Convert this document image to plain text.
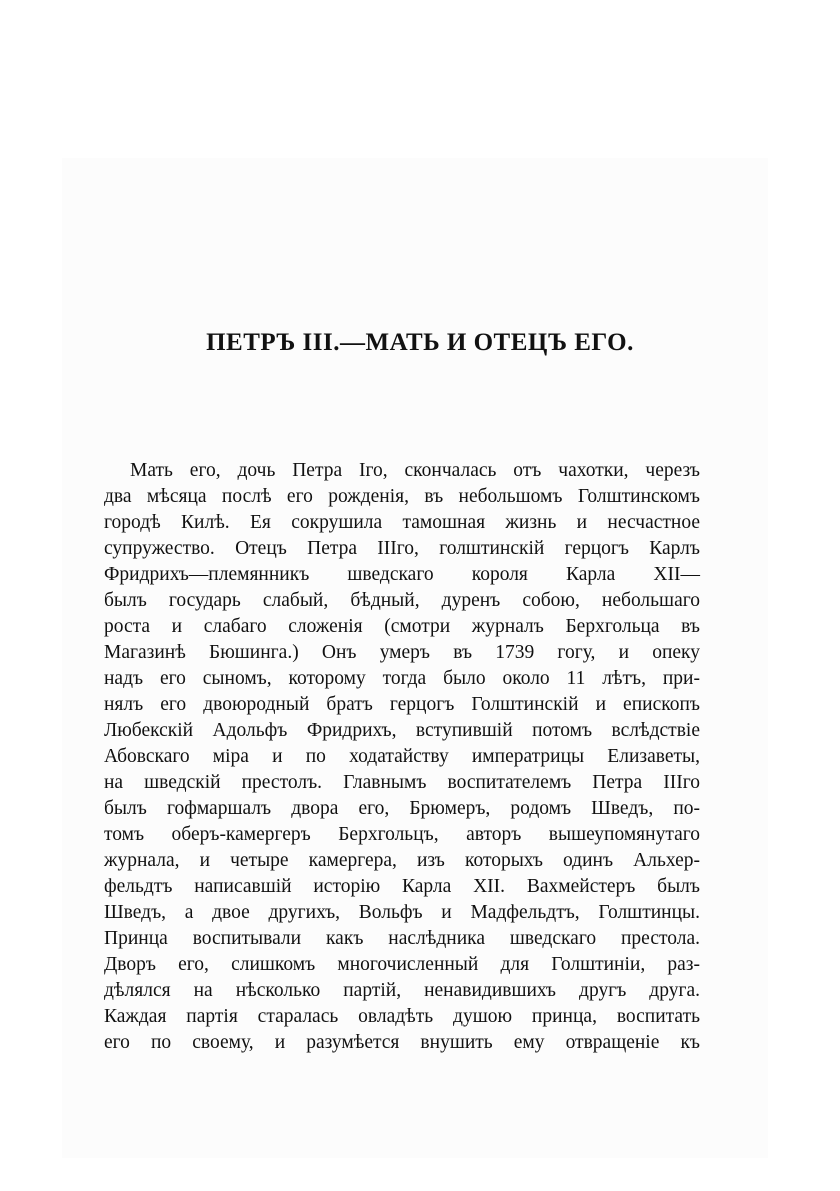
ПЕТРЪ III.—МАТЬ И ОТЕЦЪ ЕГО.
Мать его, дочь Петра Iго, скончалась отъ чахотки, черезъ
два мѣсяца послѣ его рожденія, въ небольшомъ Голштинскомъ
городѣ Килѣ. Ея сокрушила тамошная жизнь и несчастное
супружество. Отецъ Петра IIIго, голштинскій герцогъ Карлъ
Фридрихъ—племянникъ шведскаго короля Карла XII—
былъ государь слабый, бѣдный, дуренъ собою, небольшаго
роста и слабаго сложенія (смотри журналъ Берхгольца въ
Магазинѣ Бюшинга.) Онъ умеръ въ 1739 гогу, и опеку
надъ его сыномъ, которому тогда было около 11 лѣтъ, при-
нялъ его двоюродный братъ герцогъ Голштинскій и епископъ
Любекскій Адольфъ Фридрихъ, вступившій потомъ вслѣдствіе
Абовскаго міра и по ходатайству императрицы Елизаветы,
на шведскій престолъ. Главнымъ воспитателемъ Петра IIIго
былъ гофмаршалъ двора его, Брюмеръ, родомъ Шведъ, по-
томъ оберъ-камергеръ Берхгольцъ, авторъ вышеупомянутаго
журнала, и четыре камергера, изъ которыхъ одинъ Альхер-
фельдтъ написавшій исторію Карла XII. Вахмейстеръ былъ
Шведъ, а двое другихъ, Вольфъ и Мадфельдтъ, Голштинцы.
Принца воспитывали какъ наслѣдника шведскаго престола.
Дворъ его, слишкомъ многочисленный для Голштиніи, раз-
дѣлялся на нѣсколько партій, ненавидившихъ другъ друга.
Каждая партія старалась овладѣть душою принца, воспитать
его по своему, и разумѣется внушить ему отвращеніе къ
